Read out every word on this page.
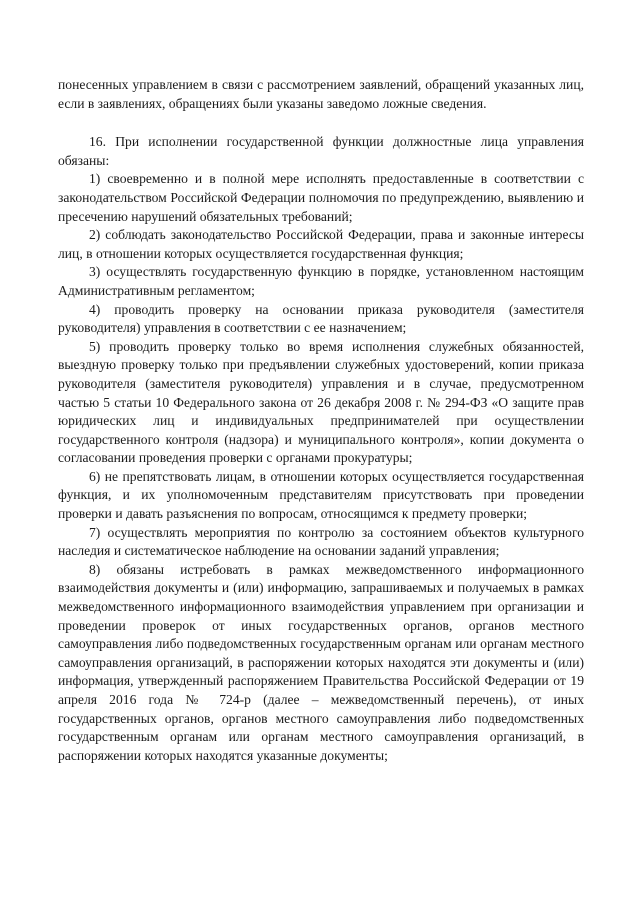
понесенных управлением в связи с рассмотрением заявлений, обращений указанных лиц, если в заявлениях, обращениях были указаны заведомо ложные сведения.

16. При исполнении государственной функции должностные лица управления обязаны:

1) своевременно и в полной мере исполнять предоставленные в соответствии с законодательством Российской Федерации полномочия по предупреждению, выявлению и пресечению нарушений обязательных требований;

2) соблюдать законодательство Российской Федерации, права и законные интересы лиц, в отношении которых осуществляется государственная функция;

3) осуществлять государственную функцию в порядке, установленном настоящим Административным регламентом;

4) проводить проверку на основании приказа руководителя (заместителя руководителя) управления в соответствии с ее назначением;

5) проводить проверку только во время исполнения служебных обязанностей, выездную проверку только при предъявлении служебных удостоверений, копии приказа руководителя (заместителя руководителя) управления и в случае, предусмотренном частью 5 статьи 10 Федерального закона от 26 декабря 2008 г. № 294-ФЗ «О защите прав юридических лиц и индивидуальных предпринимателей при осуществлении государственного контроля (надзора) и муниципального контроля», копии документа о согласовании проведения проверки с органами прокуратуры;

6) не препятствовать лицам, в отношении которых осуществляется государственная функция, и их уполномоченным представителям присутствовать при проведении проверки и давать разъяснения по вопросам, относящимся к предмету проверки;

7) осуществлять мероприятия по контролю за состоянием объектов культурного наследия и систематическое наблюдение на основании заданий управления;

8) обязаны истребовать в рамках межведомственного информационного взаимодействия документы и (или) информацию, запрашиваемых и получаемых в рамках межведомственного информационного взаимодействия управлением при организации и проведении проверок от иных государственных органов, органов местного самоуправления либо подведомственных государственным органам или органам местного самоуправления организаций, в распоряжении которых находятся эти документы и (или) информация, утвержденный распоряжением Правительства Российской Федерации от 19 апреля 2016 года № 724-р (далее – межведомственный перечень), от иных государственных органов, органов местного самоуправления либо подведомственных государственным органам или органам местного самоуправления организаций, в распоряжении которых находятся указанные документы;
